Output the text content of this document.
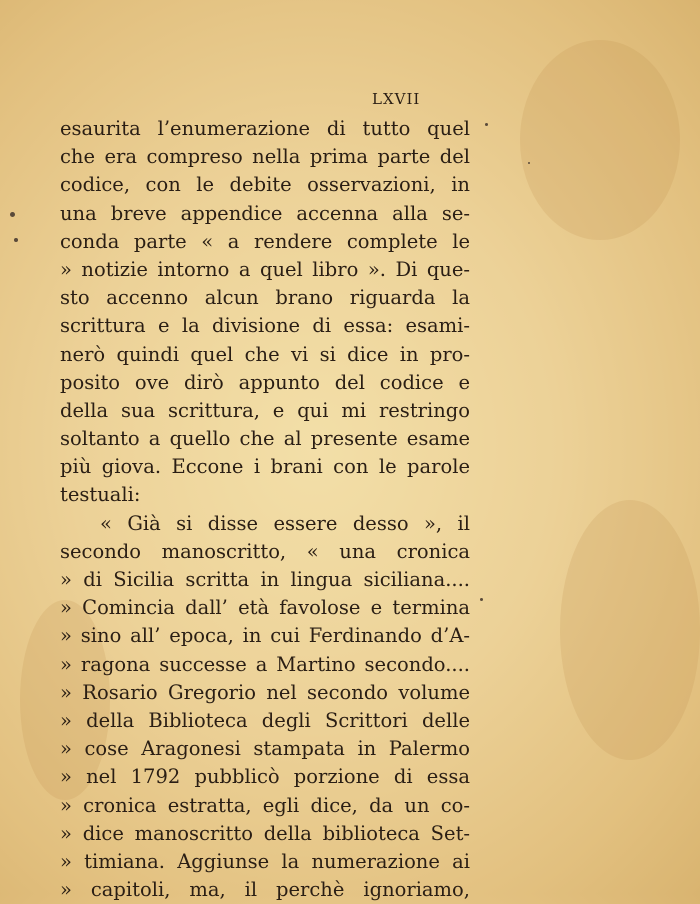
LXVII
esaurita l’enumerazione di tutto quel
che era compreso nella prima parte del
codice, con le debite osservazioni, in
una breve appendice accenna alla se-
conda parte « a rendere complete le
» notizie intorno a quel libro ». Di que-
sto accenno alcun brano riguarda la
scrittura e la divisione di essa: esami-
nerò quindi quel che vi si dice in pro-
posito ove dirò appunto del codice e
della sua scrittura, e qui mi restringo
soltanto a quello che al presente esame
più giova. Eccone i brani con le parole
testuali:
« Già si disse essere desso », il
secondo manoscritto, « una cronica
» di Sicilia scritta in lingua siciliana....
» Comincia dall’ età favolose e termina
» sino all’ epoca, in cui Ferdinando d’A-
» ragona successe a Martino secondo....
» Rosario Gregorio nel secondo volume
» della Biblioteca degli Scrittori delle
» cose Aragonesi stampata in Palermo
» nel 1792 pubblicò porzione di essa
» cronica estratta, egli dice, da un co-
» dice manoscritto della biblioteca Set-
» timiana. Aggiunse la numerazione ai
» capitoli, ma, il perchè ignoriamo,
